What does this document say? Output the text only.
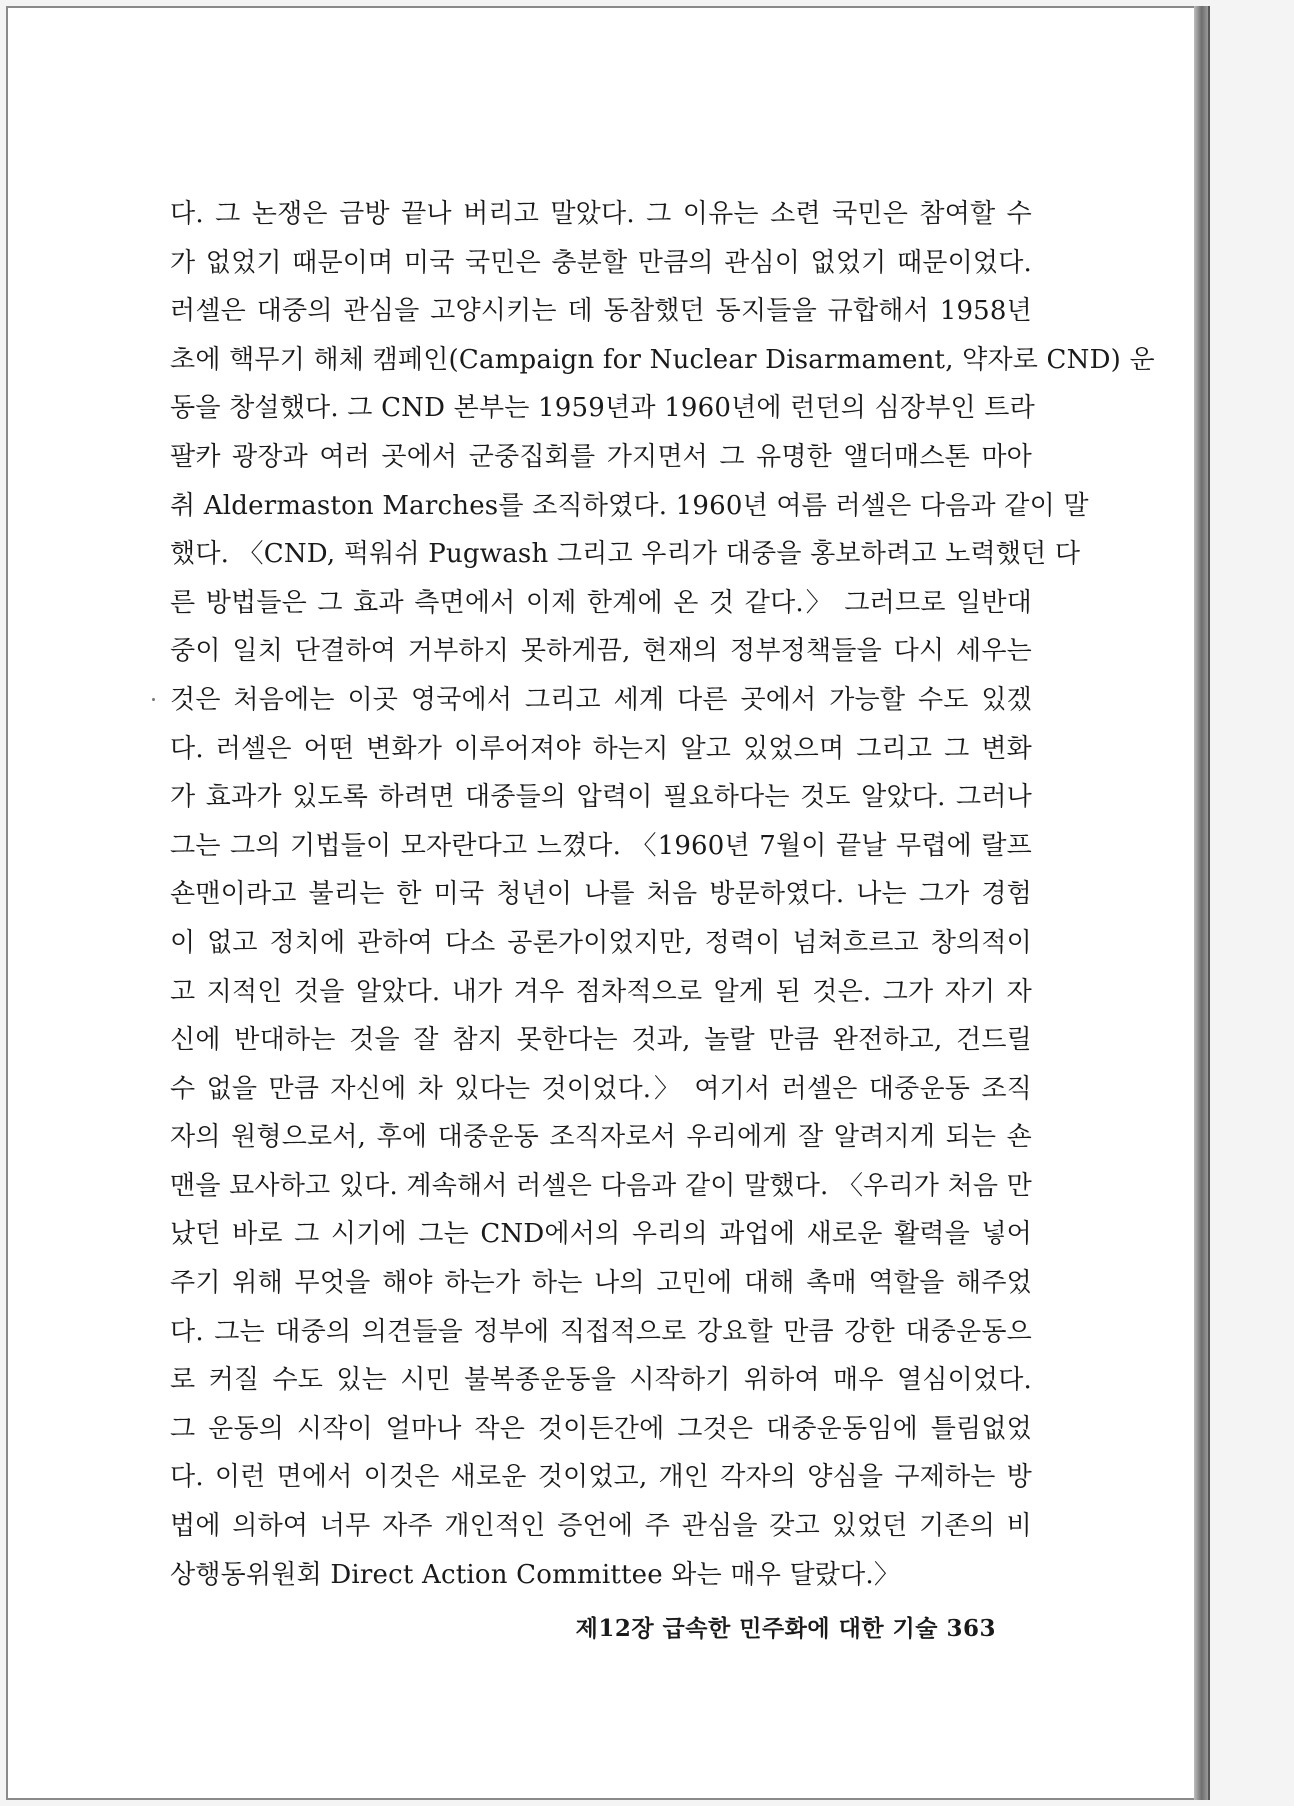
다. 그 논쟁은 금방 끝나 버리고 말았다. 그 이유는 소련 국민은 참여할 수
가 없었기 때문이며 미국 국민은 충분할 만큼의 관심이 없었기 때문이었다.
러셀은 대중의 관심을 고양시키는 데 동참했던 동지들을 규합해서 1958년
초에 핵무기 해체 캠페인(Campaign for Nuclear Disarmament, 약자로 CND) 운
동을 창설했다. 그 CND 본부는 1959년과 1960년에 런던의 심장부인 트라
팔카 광장과 여러 곳에서 군중집회를 가지면서 그 유명한 앨더매스톤 마아
취 Aldermaston Marches를 조직하였다. 1960년 여름 러셀은 다음과 같이 말
했다. 〈CND, 퍽워쉬 Pugwash 그리고 우리가 대중을 홍보하려고 노력했던 다
른 방법들은 그 효과 측면에서 이제 한계에 온 것 같다.〉 그러므로 일반대
중이 일치 단결하여 거부하지 못하게끔, 현재의 정부정책들을 다시 세우는
것은 처음에는 이곳 영국에서 그리고 세계 다른 곳에서 가능할 수도 있겠
다. 러셀은 어떤 변화가 이루어져야 하는지 알고 있었으며 그리고 그 변화
가 효과가 있도록 하려면 대중들의 압력이 필요하다는 것도 알았다. 그러나
그는 그의 기법들이 모자란다고 느꼈다. 〈1960년 7월이 끝날 무렵에 랄프
숀맨이라고 불리는 한 미국 청년이 나를 처음 방문하였다. 나는 그가 경험
이 없고 정치에 관하여 다소 공론가이었지만, 정력이 넘쳐흐르고 창의적이
고 지적인 것을 알았다. 내가 겨우 점차적으로 알게 된 것은. 그가 자기 자
신에 반대하는 것을 잘 참지 못한다는 것과, 놀랄 만큼 완전하고, 건드릴
수 없을 만큼 자신에 차 있다는 것이었다.〉 여기서 러셀은 대중운동 조직
자의 원형으로서, 후에 대중운동 조직자로서 우리에게 잘 알려지게 되는 숀
맨을 묘사하고 있다. 계속해서 러셀은 다음과 같이 말했다. 〈우리가 처음 만
났던 바로 그 시기에 그는 CND에서의 우리의 과업에 새로운 활력을 넣어
주기 위해 무엇을 해야 하는가 하는 나의 고민에 대해 촉매 역할을 해주었
다. 그는 대중의 의견들을 정부에 직접적으로 강요할 만큼 강한 대중운동으
로 커질 수도 있는 시민 불복종운동을 시작하기 위하여 매우 열심이었다.
그 운동의 시작이 얼마나 작은 것이든간에 그것은 대중운동임에 틀림없었
다. 이런 면에서 이것은 새로운 것이었고, 개인 각자의 양심을 구제하는 방
법에 의하여 너무 자주 개인적인 증언에 주 관심을 갖고 있었던 기존의 비
상행동위원회 Direct Action Committee 와는 매우 달랐다.〉
제12장 급속한 민주화에 대한 기술 363
